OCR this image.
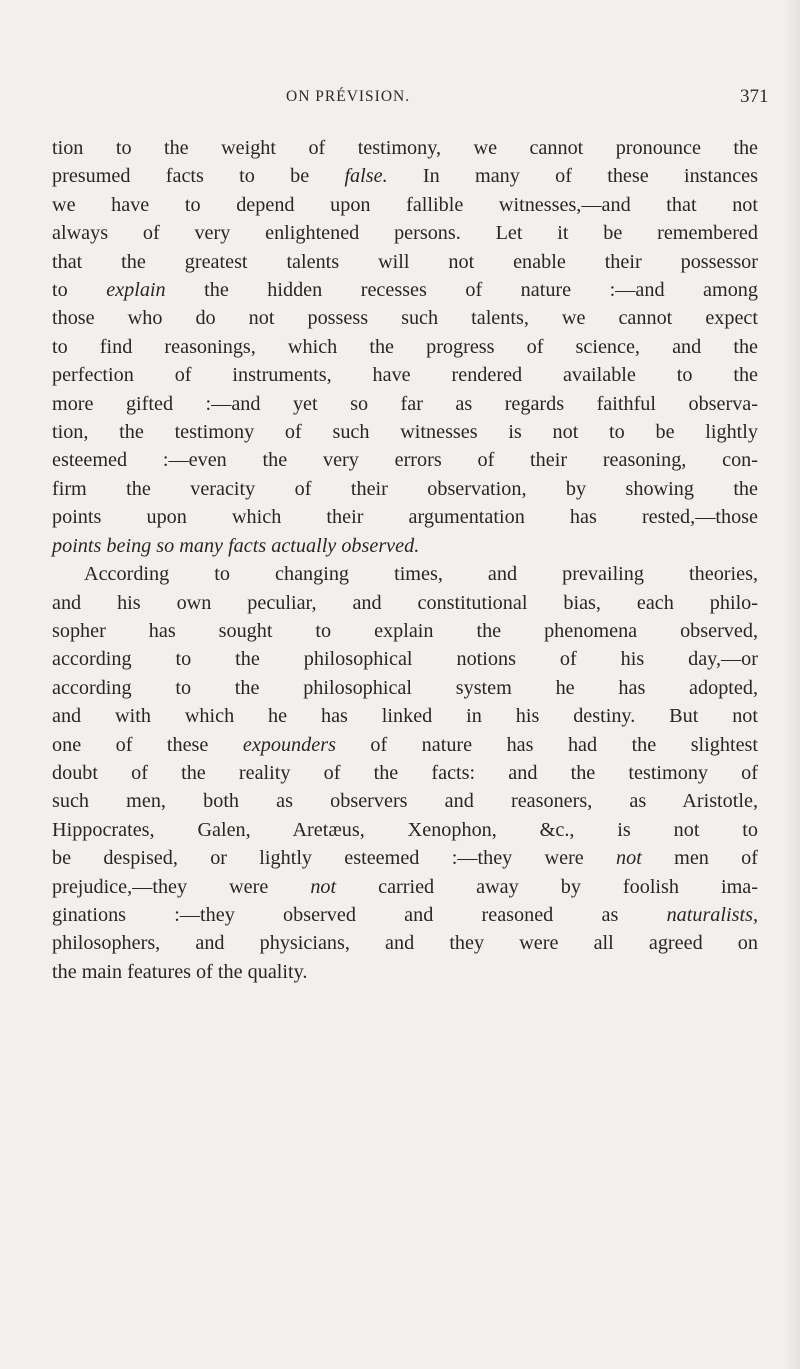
ON PRÉVISION.	371
tion to the weight of testimony, we cannot pronounce the
presumed facts to be false. In many of these instances
we have to depend upon fallible witnesses,—and that not
always of very enlightened persons. Let it be remembered
that the greatest talents will not enable their possessor
to explain the hidden recesses of nature :—and among
those who do not possess such talents, we cannot expect
to find reasonings, which the progress of science, and the
perfection of instruments, have rendered available to the
more gifted :—and yet so far as regards faithful observa-
tion, the testimony of such witnesses is not to be lightly
esteemed :—even the very errors of their reasoning, con-
firm the veracity of their observation, by showing the
points upon which their argumentation has rested,—those
points being so many facts actually observed.
According to changing times, and prevailing theories,
and his own peculiar, and constitutional bias, each philo-
sopher has sought to explain the phenomena observed,
according to the philosophical notions of his day,—or
according to the philosophical system he has adopted,
and with which he has linked in his destiny. But not
one of these expounders of nature has had the slightest
doubt of the reality of the facts: and the testimony of
such men, both as observers and reasoners, as Aristotle,
Hippocrates, Galen, Aretæus, Xenophon, &c., is not to
be despised, or lightly esteemed :—they were not men of
prejudice,—they were not carried away by foolish ima-
ginations :—they observed and reasoned as naturalists,
philosophers, and physicians, and they were all agreed on
the main features of the quality.
